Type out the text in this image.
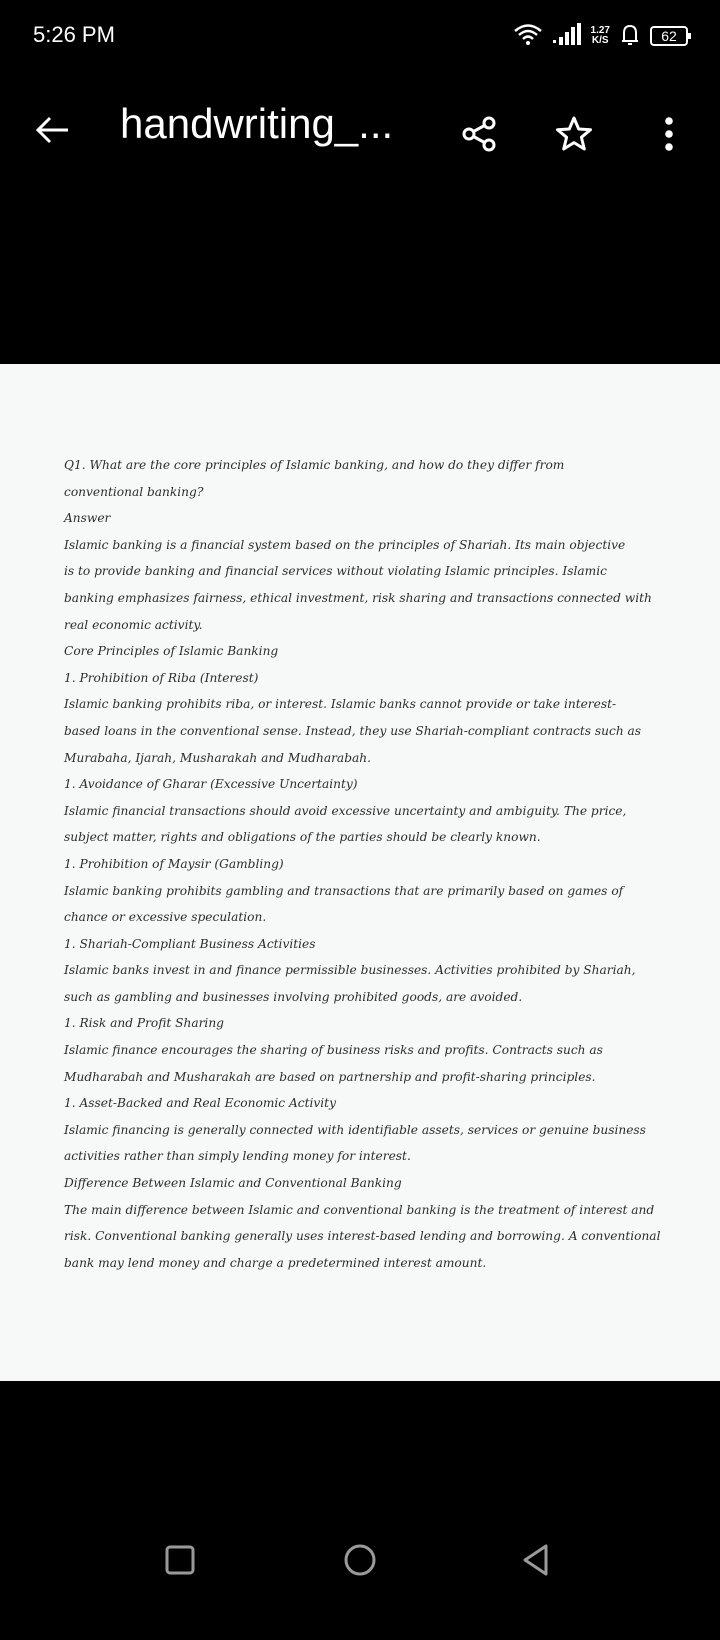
5:26 PM	1.27
K/S	62
handwriting_...
Q1. What are the core principles of Islamic banking, and how do they differ from
conventional banking?
Answer
Islamic banking is a financial system based on the principles of Shariah. Its main objective
is to provide banking and financial services without violating Islamic principles. Islamic
banking emphasizes fairness, ethical investment, risk sharing and transactions connected with
real economic activity.
Core Principles of Islamic Banking
1. Prohibition of Riba (Interest)
Islamic banking prohibits riba, or interest. Islamic banks cannot provide or take interest-
based loans in the conventional sense. Instead, they use Shariah-compliant contracts such as
Murabaha, Ijarah, Musharakah and Mudharabah.
1. Avoidance of Gharar (Excessive Uncertainty)
Islamic financial transactions should avoid excessive uncertainty and ambiguity. The price,
subject matter, rights and obligations of the parties should be clearly known.
1. Prohibition of Maysir (Gambling)
Islamic banking prohibits gambling and transactions that are primarily based on games of
chance or excessive speculation.
1. Shariah-Compliant Business Activities
Islamic banks invest in and finance permissible businesses. Activities prohibited by Shariah,
such as gambling and businesses involving prohibited goods, are avoided.
1. Risk and Profit Sharing
Islamic finance encourages the sharing of business risks and profits. Contracts such as
Mudharabah and Musharakah are based on partnership and profit-sharing principles.
1. Asset-Backed and Real Economic Activity
Islamic financing is generally connected with identifiable assets, services or genuine business
activities rather than simply lending money for interest.
Difference Between Islamic and Conventional Banking
The main difference between Islamic and conventional banking is the treatment of interest and
risk. Conventional banking generally uses interest-based lending and borrowing. A conventional
bank may lend money and charge a predetermined interest amount.
